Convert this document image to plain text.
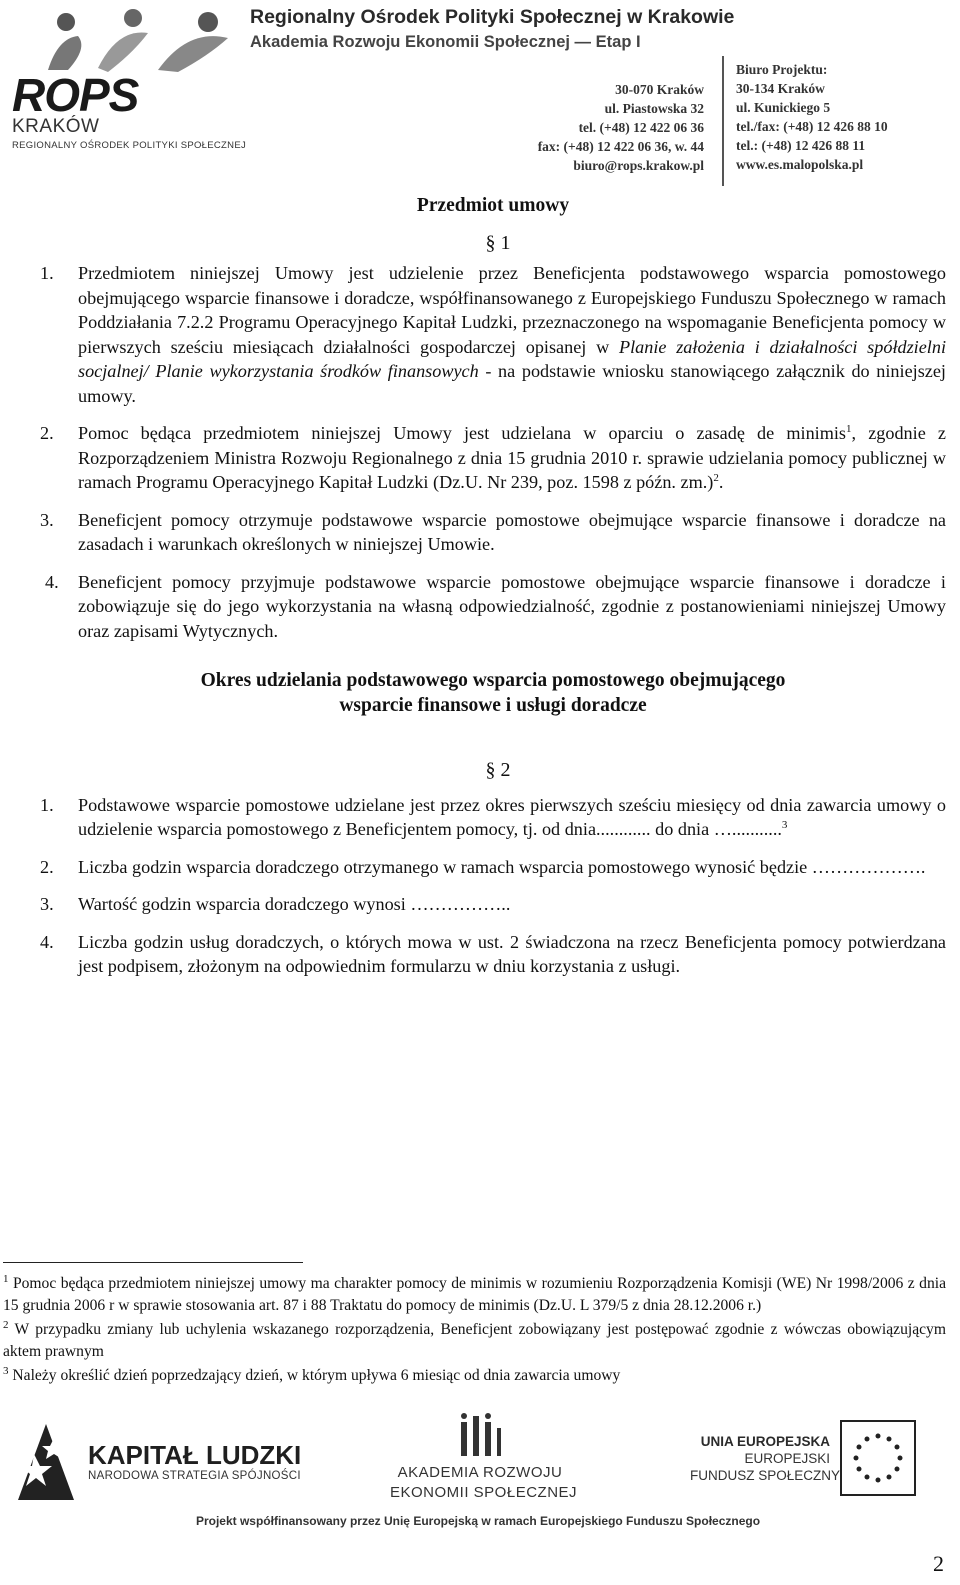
ROPS
KRAKÓW
REGIONALNY OŚRODEK POLITYKI SPOŁECZNEJ
Regionalny Ośrodek Polityki Społecznej w Krakowie
Akademia Rozwoju Ekonomii Społecznej — Etap I
30-070 Kraków
ul. Piastowska 32
tel. (+48) 12 422 06 36
fax: (+48) 12 422 06 36, w. 44
biuro@rops.krakow.pl
Biuro Projektu:
30-134 Kraków
ul. Kunickiego 5
tel./fax: (+48) 12 426 88 10
tel.: (+48) 12 426 88 11
www.es.malopolska.pl
Przedmiot umowy
§ 1
1.	Przedmiotem niniejszej Umowy jest udzielenie przez Beneficjenta podstawowego wsparcia pomostowego obejmującego wsparcie finansowe i doradcze, współfinansowanego z Europejskiego Funduszu Społecznego w ramach Poddziałania 7.2.2 Programu Operacyjnego Kapitał Ludzki, przeznaczonego na wspomaganie Beneficjenta pomocy w pierwszych sześciu miesiącach działalności gospodarczej opisanej w Planie założenia i działalności spółdzielni socjalnej/ Planie wykorzystania środków finansowych - na podstawie wniosku stanowiącego załącznik do niniejszej umowy.
2.	Pomoc będąca przedmiotem niniejszej Umowy jest udzielana w oparciu o zasadę de minimis$^1$, zgodnie z Rozporządzeniem Ministra Rozwoju Regionalnego z dnia 15 grudnia 2010 r. sprawie udzielania pomocy publicznej w ramach Programu Operacyjnego Kapitał Ludzki (Dz.U. Nr 239, poz. 1598 z późn. zm.)$^2$.
3.	Beneficjent pomocy otrzymuje podstawowe wsparcie pomostowe obejmujące wsparcie finansowe i doradcze na zasadach i warunkach określonych w niniejszej Umowie.
4.	Beneficjent pomocy przyjmuje podstawowe wsparcie pomostowe obejmujące wsparcie finansowe i doradcze i zobowiązuje się do jego wykorzystania na własną odpowiedzialność, zgodnie z postanowieniami niniejszej Umowy oraz zapisami Wytycznych.
Okres udzielania podstawowego wsparcia pomostowego obejmującego
wsparcie finansowe i usługi doradcze
§ 2
1.	Podstawowe wsparcie pomostowe udzielane jest przez okres pierwszych sześciu miesięcy od dnia zawarcia umowy o udzielenie wsparcia pomostowego z Beneficjentem pomocy, tj. od dnia............ do dnia …...........$^3$
2.	Liczba godzin wsparcia doradczego otrzymanego w ramach wsparcia pomostowego wynosić będzie ……………….
3.	Wartość godzin wsparcia doradczego wynosi ……………..
4.	Liczba godzin usług doradczych, o których mowa w ust. 2 świadczona na rzecz Beneficjenta pomocy potwierdzana jest podpisem, złożonym na odpowiednim formularzu w dniu korzystania z usługi.

$^1$ Pomoc będąca przedmiotem niniejszej umowy ma charakter pomocy de minimis w rozumieniu Rozporządzenia Komisji (WE) Nr 1998/2006 z dnia 15 grudnia 2006 r w sprawie stosowania art. 87 i 88 Traktatu do pomocy de minimis (Dz.U. L 379/5 z dnia 28.12.2006 r.)

$^2$ W przypadku zmiany lub uchylenia wskazanego rozporządzenia, Beneficjent zobowiązany jest postępować zgodnie z wówczas obowiązującym aktem prawnym

$^3$ Należy określić dzień poprzedzający dzień, w którym upływa 6 miesiąc od dnia zawarcia umowy

KAPITAŁ LUDZKI
NARODOWA STRATEGIA SPÓJNOŚCI	AKADEMIA ROZWOJU
EKONOMII SPOŁECZNEJ
UNIA EUROPEJSKA
EUROPEJSKI
FUNDUSZ SPOŁECZNY
Projekt współfinansowany przez Unię Europejską w ramach Europejskiego Funduszu Społecznego
2
